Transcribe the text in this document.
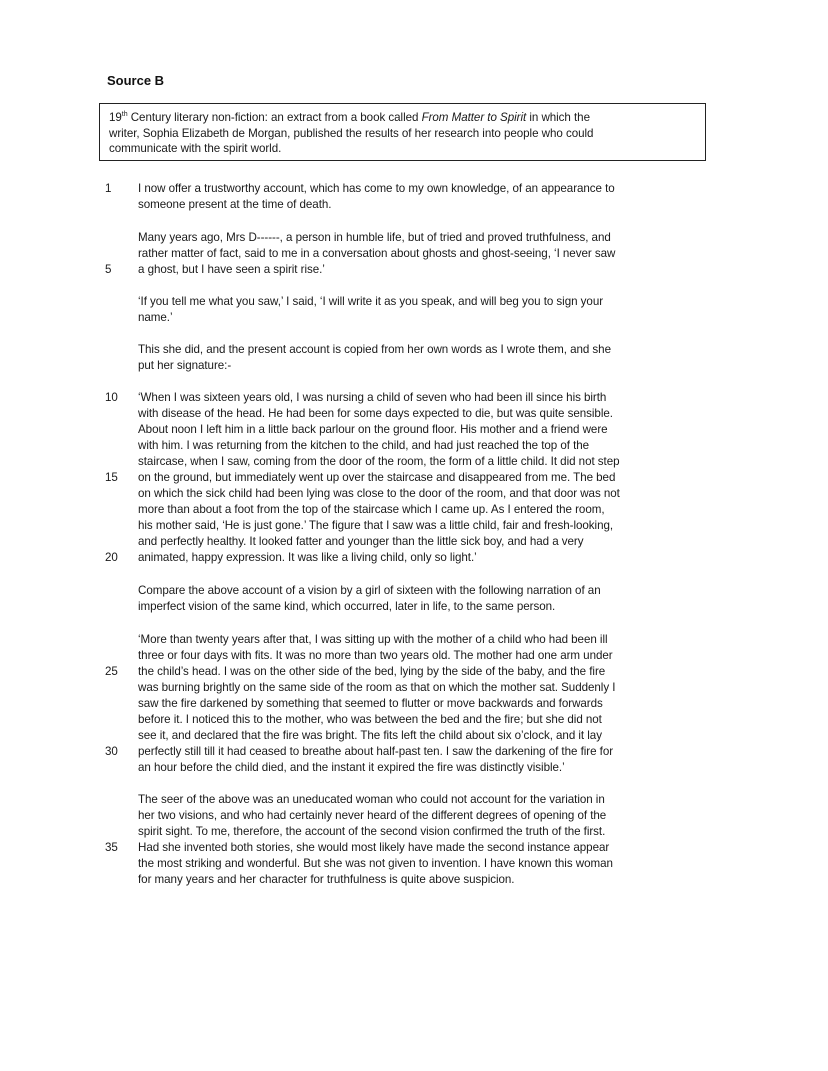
Source B
19th Century literary non-fiction: an extract from a book called From Matter to Spirit in which the
writer, Sophia Elizabeth de Morgan, published the results of her research into people who could
communicate with the spirit world.
1	I now offer a trustworthy account, which has come to my own knowledge, of an appearance to
someone present at the time of death.
Many years ago, Mrs D------, a person in humble life, but of tried and proved truthfulness, and
rather matter of fact, said to me in a conversation about ghosts and ghost-seeing, ‘I never saw
5	a ghost, but I have seen a spirit rise.’
‘If you tell me what you saw,’ I said, ‘I will write it as you speak, and will beg you to sign your
name.’
This she did, and the present account is copied from her own words as I wrote them, and she
put her signature:-
10 ‘When I was sixteen years old, I was nursing a child of seven who had been ill since his birth
with disease of the head. He had been for some days expected to die, but was quite sensible.
About noon I left him in a little back parlour on the ground floor. His mother and a friend were
with him. I was returning from the kitchen to the child, and had just reached the top of the
staircase, when I saw, coming from the door of the room, the form of a little child. It did not step
15 on the ground, but immediately went up over the staircase and disappeared from me. The bed
on which the sick child had been lying was close to the door of the room, and that door was not
more than about a foot from the top of the staircase which I came up. As I entered the room,
his mother said, ‘He is just gone.’ The figure that I saw was a little child, fair and fresh-looking,
and perfectly healthy. It looked fatter and younger than the little sick boy, and had a very
20 animated, happy expression. It was like a living child, only so light.’
Compare the above account of a vision by a girl of sixteen with the following narration of an
imperfect vision of the same kind, which occurred, later in life, to the same person.
‘More than twenty years after that, I was sitting up with the mother of a child who had been ill
three or four days with fits. It was no more than two years old. The mother had one arm under
25 the child’s head. I was on the other side of the bed, lying by the side of the baby, and the fire
was burning brightly on the same side of the room as that on which the mother sat. Suddenly I
saw the fire darkened by something that seemed to flutter or move backwards and forwards
before it. I noticed this to the mother, who was between the bed and the fire; but she did not
see it, and declared that the fire was bright. The fits left the child about six o’clock, and it lay
30 perfectly still till it had ceased to breathe about half-past ten. I saw the darkening of the fire for
an hour before the child died, and the instant it expired the fire was distinctly visible.’
The seer of the above was an uneducated woman who could not account for the variation in
her two visions, and who had certainly never heard of the different degrees of opening of the
spirit sight. To me, therefore, the account of the second vision confirmed the truth of the first.
35 Had she invented both stories, she would most likely have made the second instance appear
the most striking and wonderful. But she was not given to invention. I have known this woman
for many years and her character for truthfulness is quite above suspicion.
